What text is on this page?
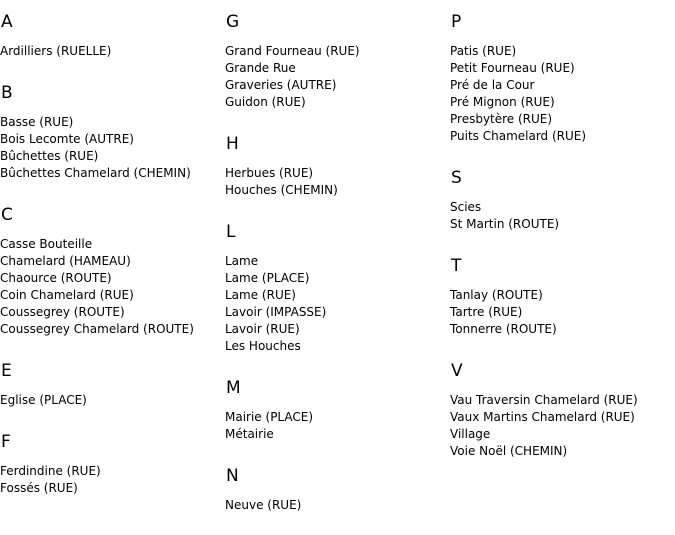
A
Ardilliers (RUELLE)
B
Basse (RUE)
Bois Lecomte (AUTRE)
Bûchettes (RUE)
Bûchettes Chamelard (CHEMIN)
C
Casse Bouteille
Chamelard (HAMEAU)
Chaource (ROUTE)
Coin Chamelard (RUE)
Coussegrey (ROUTE)
Coussegrey Chamelard (ROUTE)
E
Eglise (PLACE)
F
Ferdindine (RUE)
Fossés (RUE)
G
Grand Fourneau (RUE)
Grande Rue
Graveries (AUTRE)
Guidon (RUE)
H
Herbues (RUE)
Houches (CHEMIN)
L
Lame
Lame (PLACE)
Lame (RUE)
Lavoir (IMPASSE)
Lavoir (RUE)
Les Houches
M
Mairie (PLACE)
Métairie
N
Neuve (RUE)
P
Patis (RUE)
Petit Fourneau (RUE)
Pré de la Cour
Pré Mignon (RUE)
Presbytère (RUE)
Puits Chamelard (RUE)
S
Scies
St Martin (ROUTE)
T
Tanlay (ROUTE)
Tartre (RUE)
Tonnerre (ROUTE)
V
Vau Traversin Chamelard (RUE)
Vaux Martins Chamelard (RUE)
Village
Voie Noël (CHEMIN)
